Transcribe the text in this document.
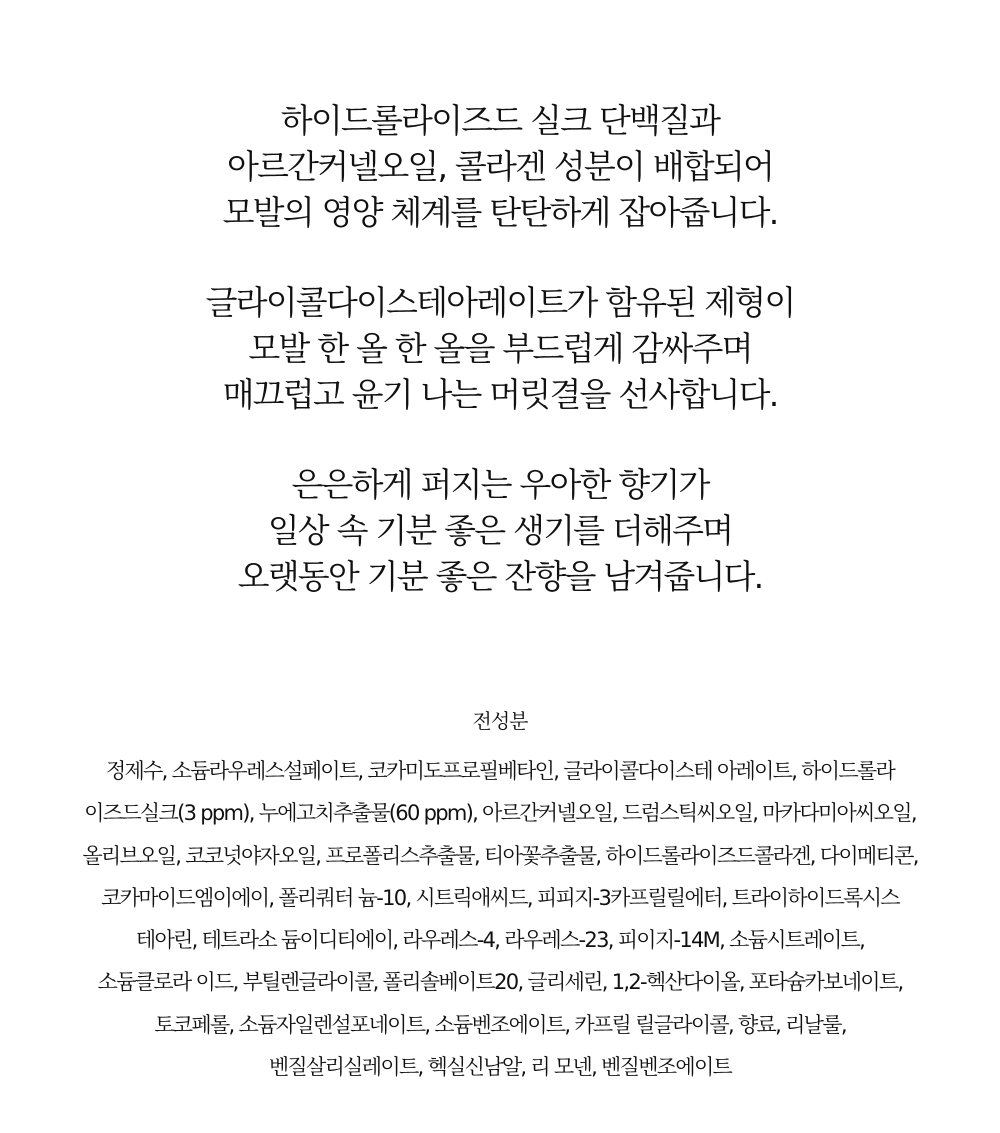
하이드롤라이즈드 실크 단백질과
아르간커넬오일, 콜라겐 성분이 배합되어
모발의 영양 체계를 탄탄하게 잡아줍니다.

글라이콜다이스테아레이트가 함유된 제형이
모발 한 올 한 올을 부드럽게 감싸주며
매끄럽고 윤기 나는 머릿결을 선사합니다.

은은하게 퍼지는 우아한 향기가
일상 속 기분 좋은 생기를 더해주며
오랫동안 기분 좋은 잔향을 남겨줍니다.

전성분
정제수, 소듐라우레스설페이트, 코카미도프로필베타인, 글라이콜다이스테 아레이트, 하이드롤라
이즈드실크(3 ppm), 누에고치추출물(60 ppm), 아르간커넬오일, 드럼스틱씨오일, 마카다미아씨오일,
올리브오일, 코코넛야자오일, 프로폴리스추출물, 티아꽃추출물, 하이드롤라이즈드콜라겐, 다이메티콘,
코카마이드엠이에이, 폴리쿼터 늄-10, 시트릭애씨드, 피피지-3카프릴릴에터, 트라이하이드록시스
테아린, 테트라소 듐이디티에이, 라우레스-4, 라우레스-23, 피이지-14M, 소듐시트레이트,
소듐클로라 이드, 부틸렌글라이콜, 폴리솔베이트20, 글리세린, 1,2-헥산다이올, 포타슘카보네이트,
토코페롤, 소듐자일렌설포네이트, 소듐벤조에이트, 카프릴 릴글라이콜, 향료, 리날룰,
벤질살리실레이트, 헥실신남알, 리 모넨, 벤질벤조에이트
